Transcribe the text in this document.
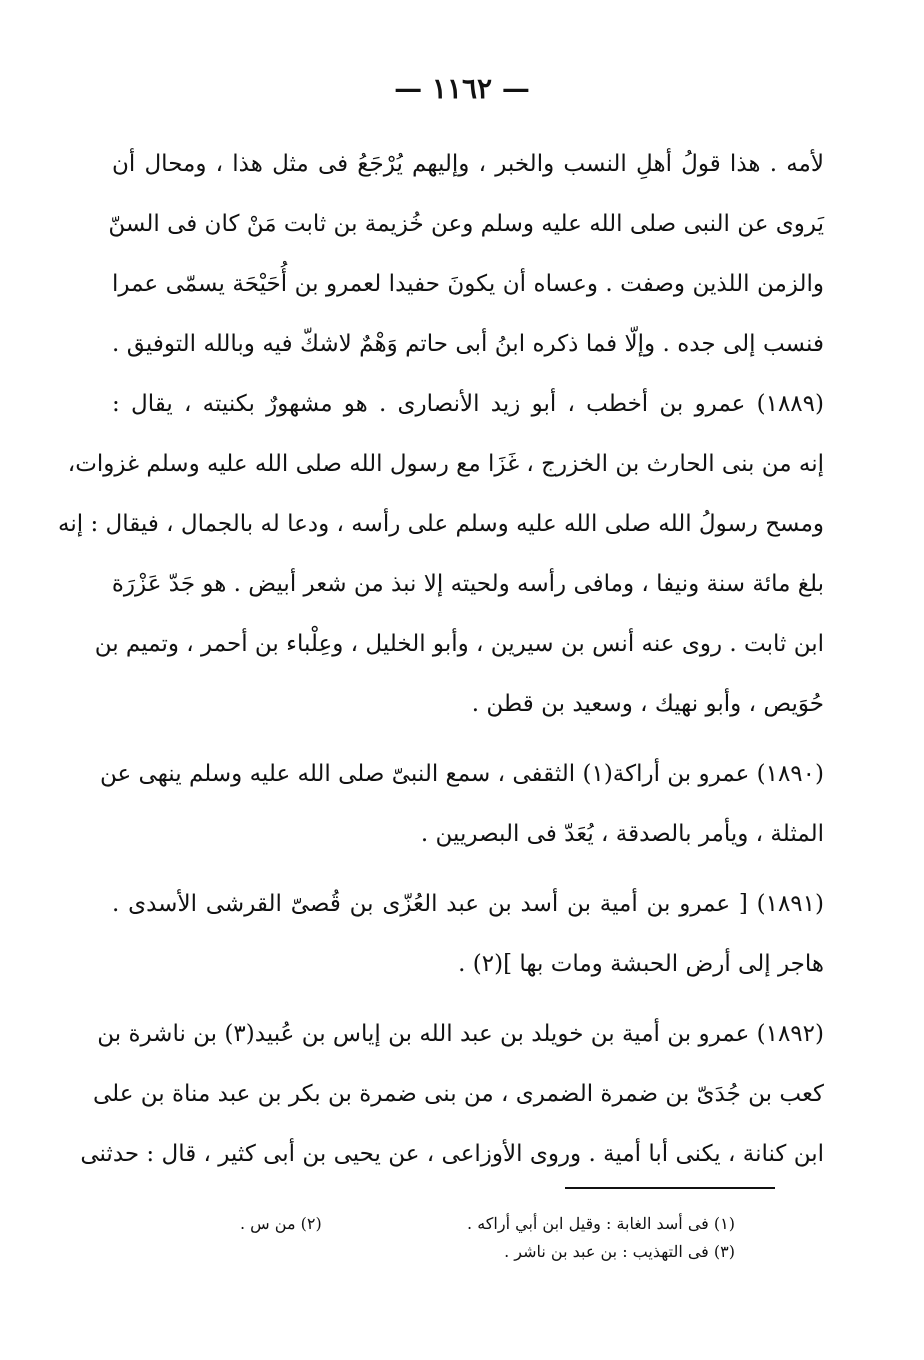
— ١١٦٢ —
لأمه . هذا قولُ أهلِ النسب والخبر ، وإليهم يُرْجَعُ فى مثل هذا ، ومحال أن
يَروى عن النبى صلى الله عليه وسلم وعن خُزيمة بن ثابت مَنْ كان فى السنّ
والزمن اللذين وصفت . وعساه أن يكونَ حفيدا لعمرو بن أُحَيْحَة يسمّى عمرا
فنسب إلى جده . وإلّا فما ذكره ابنُ أبى حاتم وَهْمٌ لاشكّ فيه وبالله التوفيق .
(١٨٨٩) عمرو بن أخطب ، أبو زيد الأنصارى . هو مشهورٌ بكنيته ، يقال :
إنه من بنى الحارث بن الخزرج ، غَزَا مع رسول الله صلى الله عليه وسلم غزوات،
ومسح رسولُ الله صلى الله عليه وسلم على رأسه ، ودعا له بالجمال ، فيقال : إنه
بلغ مائة سنة ونيفا ، ومافى رأسه ولحيته إلا نبذ من شعر أبيض . هو جَدّ عَزْرَة
ابن ثابت . روى عنه أنس بن سيرين ، وأبو الخليل ، وعِلْباء بن أحمر ، وتميم بن
حُوَيص ، وأبو نهيك ، وسعيد بن قطن .
(١٨٩٠) عمرو بن أراكة(١) الثقفى ، سمع النبىّ صلى الله عليه وسلم ينهى عن
المثلة ، ويأمر بالصدقة ، يُعَدّ فى البصريين .
(١٨٩١) [ عمرو بن أمية بن أسد بن عبد العُزّى بن قُصىّ القرشى الأسدى .
هاجر إلى أرض الحبشة ومات بها ](٢) .
(١٨٩٢) عمرو بن أمية بن خويلد بن عبد الله بن إياس بن عُبيد(٣) بن ناشرة بن
كعب بن جُدَىّ بن ضمرة الضمرى ، من بنى ضمرة بن بكر بن عبد مناة بن على
ابن كنانة ، يكنى أبا أمية . وروى الأوزاعى ، عن يحيى بن أبى كثير ، قال : حدثنى
(١) فى أسد الغابة : وقيل ابن أبي أراكه .
(٢) من س .
(٣) فى التهذيب : بن عبد بن ناشر .
